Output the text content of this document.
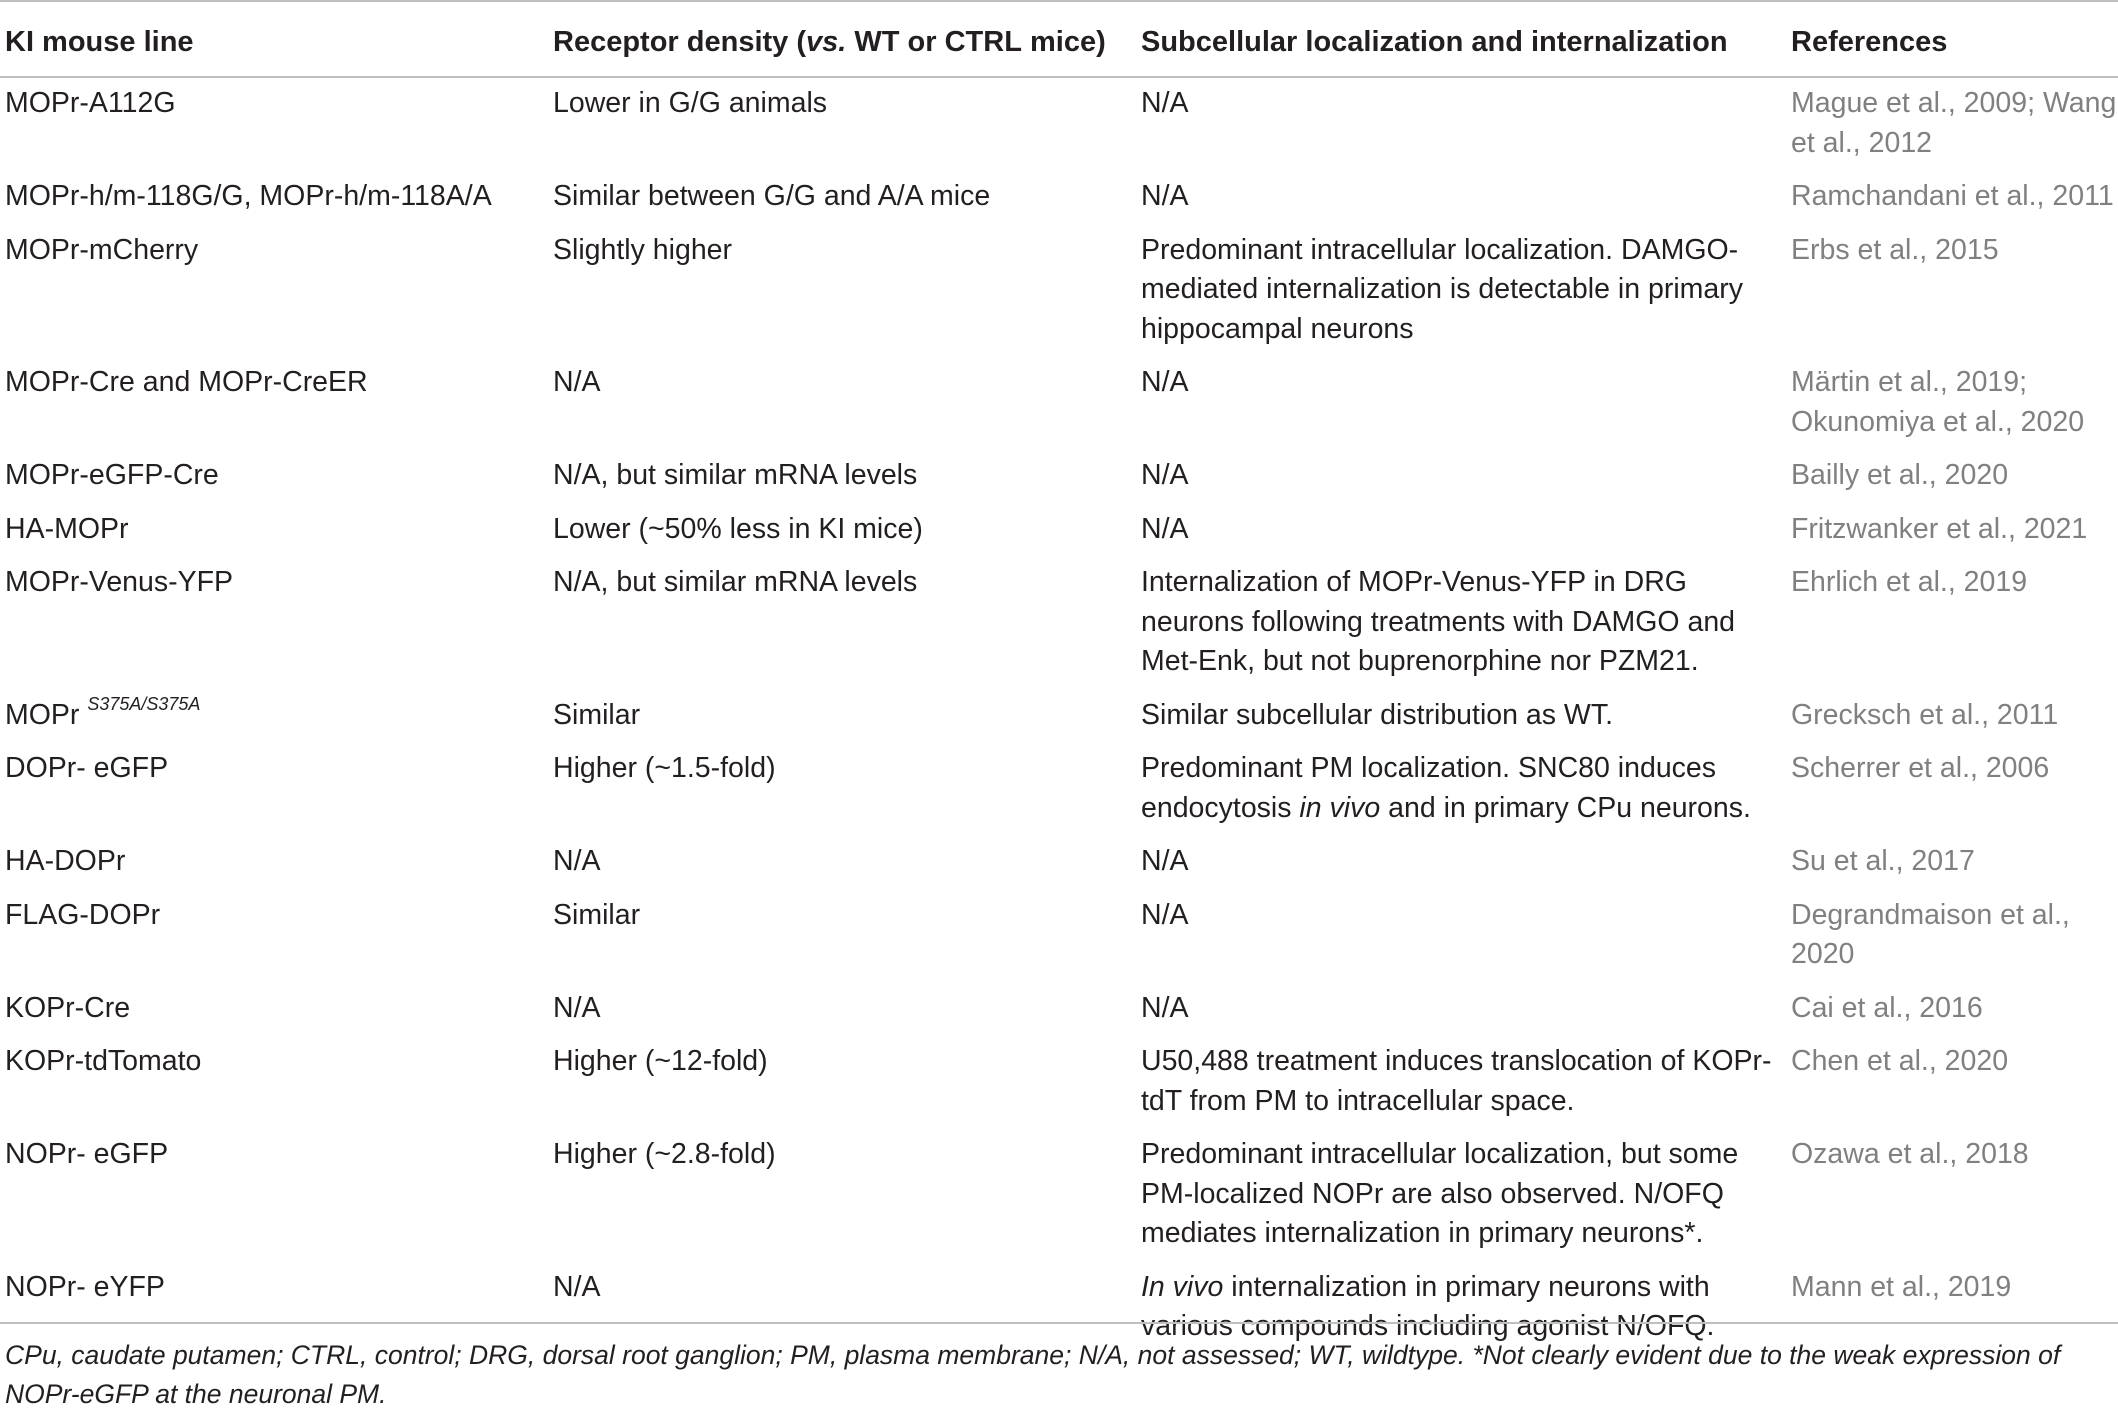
KI mouse line	Receptor density (vs. WT or CTRL mice)	Subcellular localization and internalization	References
MOPr-A112G	Lower in G/G animals	N/A	Mague et al., 2009; Wang et al., 2012
MOPr-h/m-118G/G, MOPr-h/m-118A/A	Similar between G/G and A/A mice	N/A	Ramchandani et al., 2011
MOPr-mCherry	Slightly higher	Predominant intracellular localization. DAMGO-mediated internalization is detectable in primary hippocampal neurons	Erbs et al., 2015
MOPr-Cre and MOPr-CreER	N/A	N/A	Märtin et al., 2019; Okunomiya et al., 2020
MOPr-eGFP-Cre	N/A, but similar mRNA levels	N/A	Bailly et al., 2020
HA-MOPr	Lower (~50% less in KI mice)	N/A	Fritzwanker et al., 2021
MOPr-Venus-YFP	N/A, but similar mRNA levels	Internalization of MOPr-Venus-YFP in DRG neurons following treatments with DAMGO and Met-Enk, but not buprenorphine nor PZM21.	Ehrlich et al., 2019
MOPr $^{S375A/S375A}$	Similar	Similar subcellular distribution as WT.	Grecksch et al., 2011
DOPr- eGFP	Higher (~1.5-fold)	Predominant PM localization. SNC80 induces endocytosis in vivo and in primary CPu neurons.	Scherrer et al., 2006
HA-DOPr	N/A	N/A	Su et al., 2017
FLAG-DOPr	Similar	N/A	Degrandmaison et al., 2020
KOPr-Cre	N/A	N/A	Cai et al., 2016
KOPr-tdTomato	Higher (~12-fold)	U50,488 treatment induces translocation of KOPr-tdT from PM to intracellular space.	Chen et al., 2020
NOPr- eGFP	Higher (~2.8-fold)	Predominant intracellular localization, but some PM-localized NOPr are also observed. N/OFQ mediates internalization in primary neurons*.	Ozawa et al., 2018
NOPr- eYFP	N/A	In vivo internalization in primary neurons with various compounds including agonist N/OFQ.	Mann et al., 2019

CPu, caudate putamen; CTRL, control; DRG, dorsal root ganglion; PM, plasma membrane; N/A, not assessed; WT, wildtype. *Not clearly evident due to the weak expression of NOPr-eGFP at the neuronal PM.
